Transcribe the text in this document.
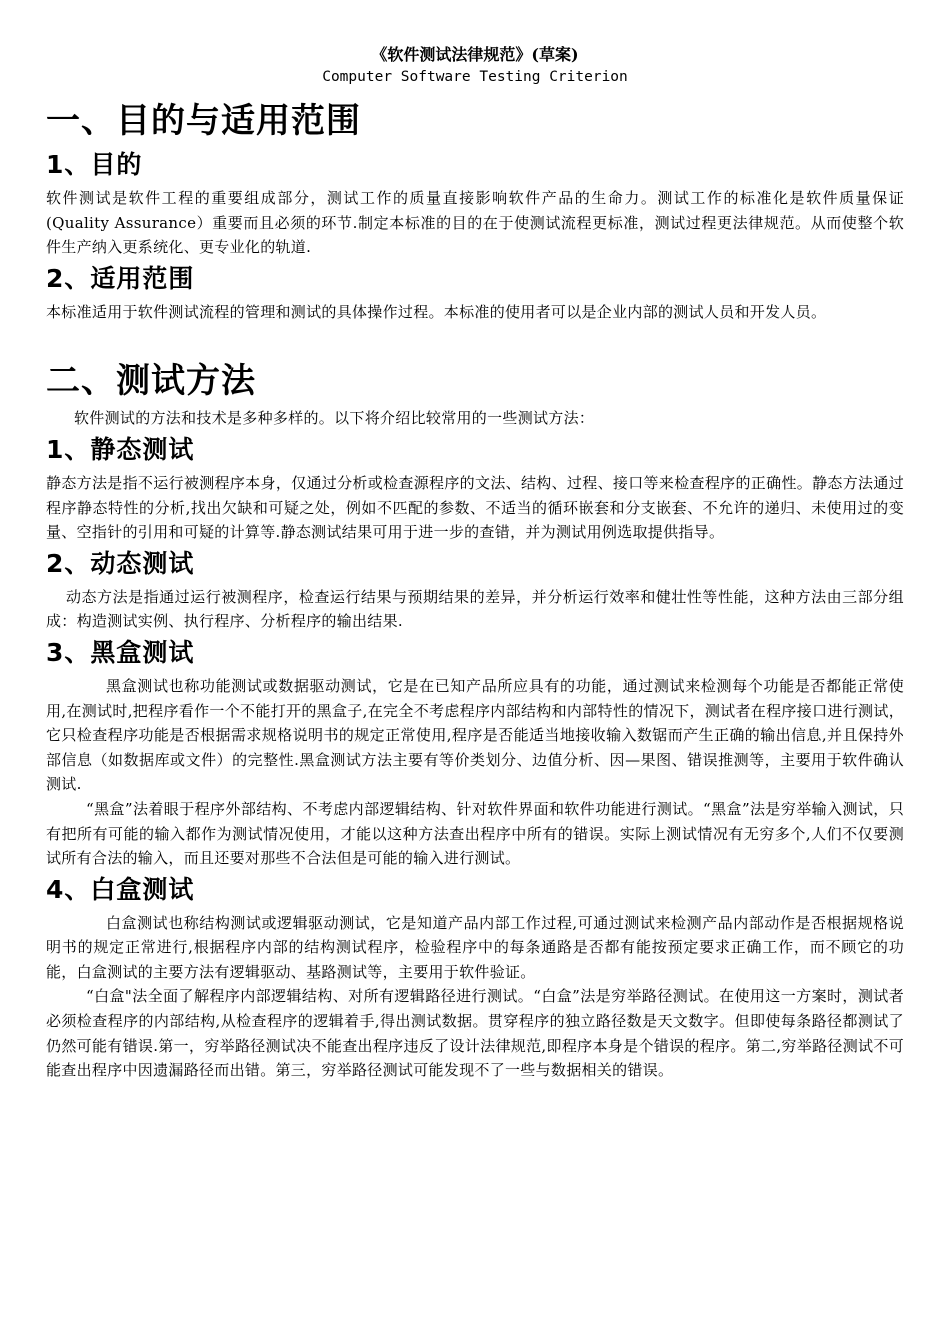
《软件测试法律规范》(草案)
Computer Software Testing Criterion
一、目的与适用范围
1、目的

软件测试是软件工程的重要组成部分，测试工作的质量直接影响软件产品的生命力。测试工作的标准化是软件质量保证(Quality Assurance）重要而且必须的环节.制定本标准的目的在于使测试流程更标准，测试过程更法律规范。从而使整个软件生产纳入更系统化、更专业化的轨道.

2、适用范围

本标准适用于软件测试流程的管理和测试的具体操作过程。本标准的使用者可以是企业内部的测试人员和开发人员。

二、测试方法

软件测试的方法和技术是多种多样的。以下将介绍比较常用的一些测试方法：

1、静态测试

静态方法是指不运行被测程序本身，仅通过分析或检查源程序的文法、结构、过程、接口等来检查程序的正确性。静态方法通过程序静态特性的分析,找出欠缺和可疑之处，例如不匹配的参数、不适当的循环嵌套和分支嵌套、不允许的递归、未使用过的变量、空指针的引用和可疑的计算等.静态测试结果可用于进一步的查错，并为测试用例选取提供指导。

2、动态测试

动态方法是指通过运行被测程序，检查运行结果与预期结果的差异，并分析运行效率和健壮性等性能，这种方法由三部分组成：构造测试实例、执行程序、分析程序的输出结果.

3、黑盒测试

黑盒测试也称功能测试或数据驱动测试，它是在已知产品所应具有的功能，通过测试来检测每个功能是否都能正常使用,在测试时,把程序看作一个不能打开的黑盒子,在完全不考虑程序内部结构和内部特性的情况下，测试者在程序接口进行测试，它只检查程序功能是否根据需求规格说明书的规定正常使用,程序是否能适当地接收输入数锯而产生正确的输出信息,并且保持外部信息（如数据库或文件）的完整性.黑盒测试方法主要有等价类划分、边值分析、因—果图、错误推测等，主要用于软件确认测试.

“黑盒”法着眼于程序外部结构、不考虑内部逻辑结构、针对软件界面和软件功能进行测试。“黑盒”法是穷举输入测试，只有把所有可能的输入都作为测试情况使用，才能以这种方法查出程序中所有的错误。实际上测试情况有无穷多个,人们不仅要测试所有合法的输入，而且还要对那些不合法但是可能的输入进行测试。

4、白盒测试

白盒测试也称结构测试或逻辑驱动测试，它是知道产品内部工作过程,可通过测试来检测产品内部动作是否根据规格说明书的规定正常进行,根据程序内部的结构测试程序，检验程序中的每条通路是否都有能按预定要求正确工作，而不顾它的功能，白盒测试的主要方法有逻辑驱动、基路测试等，主要用于软件验证。

“白盒"法全面了解程序内部逻辑结构、对所有逻辑路径进行测试。“白盒”法是穷举路径测试。在使用这一方案时，测试者必须检查程序的内部结构,从检查程序的逻辑着手,得出测试数据。贯穿程序的独立路径数是天文数字。但即使每条路径都测试了仍然可能有错误.第一，穷举路径测试决不能查出程序违反了设计法律规范,即程序本身是个错误的程序。第二,穷举路径测试不可能查出程序中因遗漏路径而出错。第三，穷举路径测试可能发现不了一些与数据相关的错误。
